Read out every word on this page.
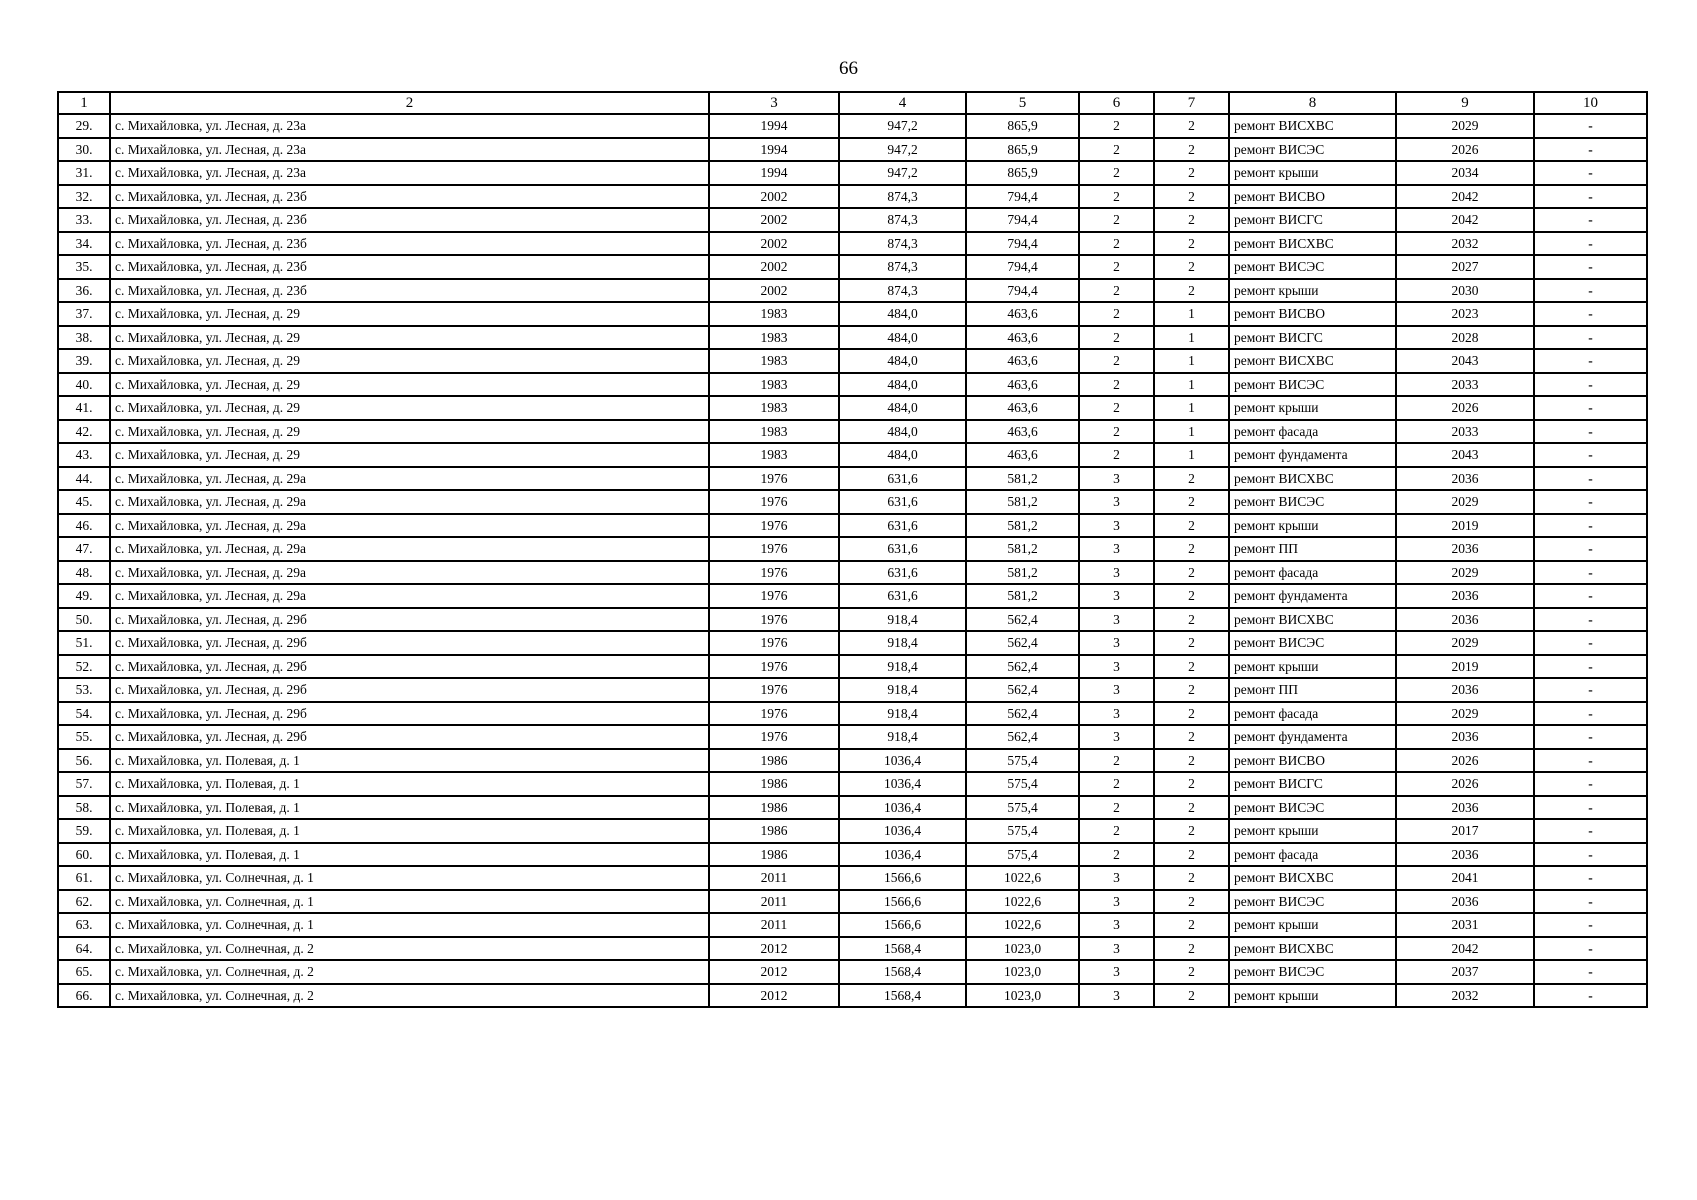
66
1	2	3	4	5	6	7	8	9	10
29.	с. Михайловка, ул. Лесная, д. 23а	1994	947,2	865,9	2	2	ремонт ВИСХВС	2029	-
30.	с. Михайловка, ул. Лесная, д. 23а	1994	947,2	865,9	2	2	ремонт ВИСЭС	2026	-
31.	с. Михайловка, ул. Лесная, д. 23а	1994	947,2	865,9	2	2	ремонт крыши	2034	-
32.	с. Михайловка, ул. Лесная, д. 23б	2002	874,3	794,4	2	2	ремонт ВИСВО	2042	-
33.	с. Михайловка, ул. Лесная, д. 23б	2002	874,3	794,4	2	2	ремонт ВИСГС	2042	-
34.	с. Михайловка, ул. Лесная, д. 23б	2002	874,3	794,4	2	2	ремонт ВИСХВС	2032	-
35.	с. Михайловка, ул. Лесная, д. 23б	2002	874,3	794,4	2	2	ремонт ВИСЭС	2027	-
36.	с. Михайловка, ул. Лесная, д. 23б	2002	874,3	794,4	2	2	ремонт крыши	2030	-
37.	с. Михайловка, ул. Лесная, д. 29	1983	484,0	463,6	2	1	ремонт ВИСВО	2023	-
38.	с. Михайловка, ул. Лесная, д. 29	1983	484,0	463,6	2	1	ремонт ВИСГС	2028	-
39.	с. Михайловка, ул. Лесная, д. 29	1983	484,0	463,6	2	1	ремонт ВИСХВС	2043	-
40.	с. Михайловка, ул. Лесная, д. 29	1983	484,0	463,6	2	1	ремонт ВИСЭС	2033	-
41.	с. Михайловка, ул. Лесная, д. 29	1983	484,0	463,6	2	1	ремонт крыши	2026	-
42.	с. Михайловка, ул. Лесная, д. 29	1983	484,0	463,6	2	1	ремонт фасада	2033	-
43.	с. Михайловка, ул. Лесная, д. 29	1983	484,0	463,6	2	1	ремонт фундамента	2043	-
44.	с. Михайловка, ул. Лесная, д. 29а	1976	631,6	581,2	3	2	ремонт ВИСХВС	2036	-
45.	с. Михайловка, ул. Лесная, д. 29а	1976	631,6	581,2	3	2	ремонт ВИСЭС	2029	-
46.	с. Михайловка, ул. Лесная, д. 29а	1976	631,6	581,2	3	2	ремонт крыши	2019	-
47.	с. Михайловка, ул. Лесная, д. 29а	1976	631,6	581,2	3	2	ремонт ПП	2036	-
48.	с. Михайловка, ул. Лесная, д. 29а	1976	631,6	581,2	3	2	ремонт фасада	2029	-
49.	с. Михайловка, ул. Лесная, д. 29а	1976	631,6	581,2	3	2	ремонт фундамента	2036	-
50.	с. Михайловка, ул. Лесная, д. 29б	1976	918,4	562,4	3	2	ремонт ВИСХВС	2036	-
51.	с. Михайловка, ул. Лесная, д. 29б	1976	918,4	562,4	3	2	ремонт ВИСЭС	2029	-
52.	с. Михайловка, ул. Лесная, д. 29б	1976	918,4	562,4	3	2	ремонт крыши	2019	-
53.	с. Михайловка, ул. Лесная, д. 29б	1976	918,4	562,4	3	2	ремонт ПП	2036	-
54.	с. Михайловка, ул. Лесная, д. 29б	1976	918,4	562,4	3	2	ремонт фасада	2029	-
55.	с. Михайловка, ул. Лесная, д. 29б	1976	918,4	562,4	3	2	ремонт фундамента	2036	-
56.	с. Михайловка, ул. Полевая, д. 1	1986	1036,4	575,4	2	2	ремонт ВИСВО	2026	-
57.	с. Михайловка, ул. Полевая, д. 1	1986	1036,4	575,4	2	2	ремонт ВИСГС	2026	-
58.	с. Михайловка, ул. Полевая, д. 1	1986	1036,4	575,4	2	2	ремонт ВИСЭС	2036	-
59.	с. Михайловка, ул. Полевая, д. 1	1986	1036,4	575,4	2	2	ремонт крыши	2017	-
60.	с. Михайловка, ул. Полевая, д. 1	1986	1036,4	575,4	2	2	ремонт фасада	2036	-
61.	с. Михайловка, ул. Солнечная, д. 1	2011	1566,6	1022,6	3	2	ремонт ВИСХВС	2041	-
62.	с. Михайловка, ул. Солнечная, д. 1	2011	1566,6	1022,6	3	2	ремонт ВИСЭС	2036	-
63.	с. Михайловка, ул. Солнечная, д. 1	2011	1566,6	1022,6	3	2	ремонт крыши	2031	-
64.	с. Михайловка, ул. Солнечная, д. 2	2012	1568,4	1023,0	3	2	ремонт ВИСХВС	2042	-
65.	с. Михайловка, ул. Солнечная, д. 2	2012	1568,4	1023,0	3	2	ремонт ВИСЭС	2037	-
66.	с. Михайловка, ул. Солнечная, д. 2	2012	1568,4	1023,0	3	2	ремонт крыши	2032	-
